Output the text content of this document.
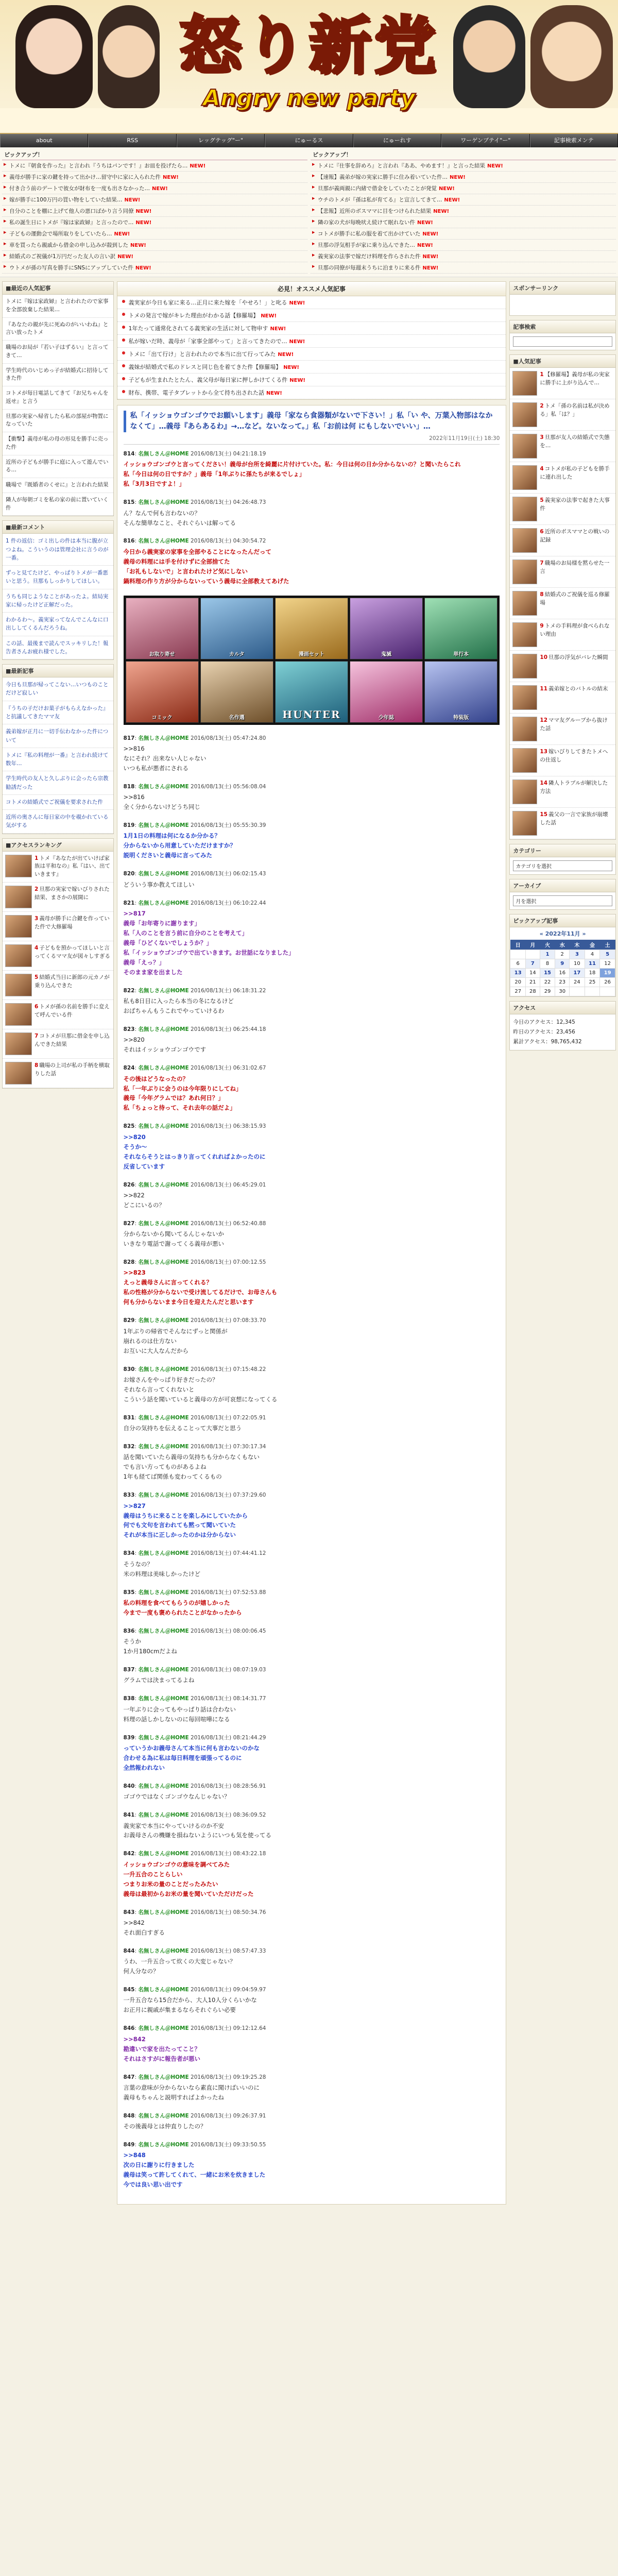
怒り新党
Angry new party
about	RSS	レッグテッグ"ー"	にゅーるス	にゅーれす	ワーゲンブテイ"ー"	記事検索メンテ
ピックアップ！
▶ トメに『朝食を作った』と言われ『うちはパンです！』お皿を投げたら… NEW!
▶ 義母が勝手に家の鍵を持って出かけ…留守中に家に入られた件 NEW!
▶ 付き合う前のデートで彼女が財布を一度も出さなかった… NEW!
▶ 嫁が勝手に100万円の買い物をしていた結果… NEW!
▶ 自分のことを棚に上げて他人の悪口ばかり言う同僚 NEW!
▶ 私の誕生日にトメが『嫁は家政婦』と言ったので… NEW!
▶ 子どもの運動会で場所取りをしていたら… NEW!
▶ 車を買ったら親戚から借金の申し込みが殺到した NEW!
▶ 結婚式のご祝儀が1万円だった友人の言い訳 NEW!
▶ ウトメが孫の写真を勝手にSNSにアップしていた件 NEW!
ピックアップ！
▶ トメに『仕事を辞めろ』と言われ『ああ、やめます！』と言った結果 NEW!
▶ 【速報】義弟が嫁の実家に勝手に住み着いていた件… NEW!
▶ 旦那が義両親に内緒で借金をしていたことが発覚 NEW!
▶ ウチのトメが『孫は私が育てる』と宣言してきて… NEW!
▶ 【悲報】近所のボスママに目をつけられた結果 NEW!
▶ 隣の家の犬が毎晩吠え続けて眠れない件 NEW!
▶ コトメが勝手に私の服を着て出かけていた NEW!
▶ 旦那の浮気相手が家に乗り込んできた… NEW!
▶ 義実家の法事で嫁だけ料理を作らされた件 NEW!
▶ 旦那の同僚が毎週末うちに泊まりに来る件 NEW!
■最近の人気記事
トメに『嫁は家政婦』と言われたので家事を全部放棄した結果…
『あなたの親が先に死ぬのがいいわね』と言い放ったトメ
職場のお局が『若い子はずるい』と言ってきて…
学生時代のいじめっ子が結婚式に招待してきた件
コトメが毎日電話してきて『お兄ちゃんを返せ』と言う
旦那の実家へ帰省したら私の部屋が物置になっていた
【衝撃】義母が私の母の形見を勝手に売った件
近所の子どもが勝手に庭に入って遊んでいる…
職場で『既婚者のくせに』と言われた結果
隣人が毎朝ゴミを私の家の前に置いていく件
■最新コメント
1 件の返信：ゴミ出しの件は本当に腹が立つよね。こういうのは管理会社に言うのが一番。
ずっと見てたけど、やっぱりトメが一番悪いと思う。旦那もしっかりしてほしい。
うちも同じようなことがあったよ。結局実家に帰ったけど正解だった。
わかるわ〜。義実家ってなんでこんなに口出ししてくるんだろうね。
この話、最後まで読んでスッキリした！報告者さんお疲れ様でした。
■最新記事
今日も旦那が帰ってこない…いつものことだけど寂しい
『うちの子だけお菓子がもらえなかった』と抗議してきたママ友
義弟嫁が正月に一切手伝わなかった件について
トメに『私の料理が一番』と言われ続けて数年…
学生時代の友人と久しぶりに会ったら宗教勧誘だった
コトメの結婚式でご祝儀を要求された件
近所の奥さんに毎日家の中を覗かれている気がする
■アクセスランキング
1 トメ『あなたが出ていけば家族は平和なの』私『はい、出ていきます』
2 旦那の実家で嫁いびりされた結果、まさかの展開に
3 義母が勝手に合鍵を作っていた件で大修羅場
4 子どもを預かってほしいと言ってくるママ友が図々しすぎる
5 結婚式当日に新郎の元カノが乗り込んできた
6 トメが孫の名前を勝手に変えて呼んでいる件
7 コトメが旦那に借金を申し込んできた結果
8 職場の上司が私の手柄を横取りした話
必見！オススメ人気記事
義実家が今日も家に来る…正月に来た嫁を「やせろ！」と叱る NEW!
トメの発言で嫁がキレた理由がわかる話【修羅場】 NEW!
1年たって通常化されてる義実家の生活に対して物申す NEW!
私が嫁いだ時、義母が「家事全部やって」と言ってきたので… NEW!
トメに「出て行け」と言われたので本当に出て行ってみた NEW!
義妹が結婚式で私のドレスと同じ色を着てきた件【修羅場】 NEW!
子どもが生まれたとたん、義父母が毎日家に押しかけてくる件 NEW!
財布、携帯、電子タブレットから全て持ち出された話 NEW!
私「イッショウゴンゴウでお願いします」義母「家なら食器類がないで下さい！」私「い や、万葉入物部はなかなくて」…義母『あらあるわ』→…など。ないなって。」私「お前は何 にもしないでいい」…
2022年11月19日(土) 18:30
814: 名無しさん＠HOME 2016/08/13(土) 04:21:18.19
イッショウゴンゴウと言ってください！義母が台所を綺麗に片付けていた。私：今日は何の日か分からないの？と聞いたらこれ
私「今日は何の日ですか？」義母「1年ぶりに孫たちが来るでしょ」
私「3月3日ですよ！」
815: 名無しさん＠HOME 2016/08/13(土) 04:26:48.73
ん？なんで何も言わないの？
そんな簡単なこと、それぐらいは解ってる
816: 名無しさん＠HOME 2016/08/13(土) 04:30:54.72
今日から義実家の家事を全部やることになったんだって
義母の料理には手を付けずに全部捨てた
「お礼もしないで」と言われたけど気にしない
鍋料理の作り方が分からないっていう義母に全部教えてあげた
お取り寄せ	カルタ	漫画セット	鬼滅	単行本
コミック	名作選	HUNTER	少年誌	特装版
817: 名無しさん＠HOME 2016/08/13(土) 05:47:24.80
>>816
なにそれ？出来ない人じゃない
いつも私が悪者にされる
818: 名無しさん＠HOME 2016/08/13(土) 05:56:08.04
>>816
全く分からないけどうち同じ
819: 名無しさん＠HOME 2016/08/13(土) 05:55:30.39
1月1日の料理は何になるか分かる？
分からないから用意していただけますか？
説明くださいと義母に言ってみた
820: 名無しさん＠HOME 2016/08/13(土) 06:02:15.43
どういう事か教えてほしい
821: 名無しさん＠HOME 2016/08/13(土) 06:10:22.44
>>817
義母「お年寄りに謝ります」
私「人のことを言う前に自分のことを考えて」
義母「ひどくないでしょうか？」
私「イッショウゴンゴウで出ていきます。お世話になりました」
義母「えっ？」
そのまま家を出ました
822: 名無しさん＠HOME 2016/08/13(土) 06:18:31.22
私も8日目に入ったら本当の冬になるけど
おばちゃんもうこれでやっていけるわ
823: 名無しさん＠HOME 2016/08/13(土) 06:25:44.18
>>820
それはイッショウゴンゴウです
824: 名無しさん＠HOME 2016/08/13(土) 06:31:02.67
その後はどうなったの？
私「一年ぶりに会うのは今年限りにしてね」
義母「今年グラムでは？あれ何日？」
私「ちょっと待って、それ去年の話だよ」
825: 名無しさん＠HOME 2016/08/13(土) 06:38:15.93
>>820
そうか〜
それならそうとはっきり言ってくれればよかったのに
反省しています
826: 名無しさん＠HOME 2016/08/13(土) 06:45:29.01
>>822
どこにいるの？
827: 名無しさん＠HOME 2016/08/13(土) 06:52:40.88
分からないから聞いてるんじゃないか
いきなり電話で謝ってくる義母が悪い
828: 名無しさん＠HOME 2016/08/13(土) 07:00:12.55
>>823
えっと義母さんに言ってくれる？
私の性格が分からないで受け流してるだけで、お母さんも
何も分からないまま今日を迎えたんだと思います
829: 名無しさん＠HOME 2016/08/13(土) 07:08:33.70
1年ぶりの帰省でそんなにずっと関係が
崩れるのは仕方ない
お互いに大人なんだから
830: 名無しさん＠HOME 2016/08/13(土) 07:15:48.22
お嫁さんをやっぱり好きだったの？
それなら言ってくれないと
こういう話を聞いていると義母の方が可哀想になってくる
831: 名無しさん＠HOME 2016/08/13(土) 07:22:05.91
自分の気持ちを伝えることって大事だと思う
832: 名無しさん＠HOME 2016/08/13(土) 07:30:17.34
話を聞いていたら義母の気持ちも分からなくもない
でも言い方ってものがあるよね
1年も経てば関係も変わってくるもの
833: 名無しさん＠HOME 2016/08/13(土) 07:37:29.60
>>827
義母はうちに来ることを楽しみにしていたから
何でも文句を言われても黙って聞いていた
それが本当に正しかったのかは分からない
834: 名無しさん＠HOME 2016/08/13(土) 07:44:41.12
そうなの？
米の料理は美味しかったけど
835: 名無しさん＠HOME 2016/08/13(土) 07:52:53.88
私の料理を食べてもらうのが嬉しかった
今まで一度も褒められたことがなかったから
836: 名無しさん＠HOME 2016/08/13(土) 08:00:06.45
そうか
1か月180cmだよね
837: 名無しさん＠HOME 2016/08/13(土) 08:07:19.03
グラムでは決まってるよね
838: 名無しさん＠HOME 2016/08/13(土) 08:14:31.77
一年ぶりに会ってもやっぱり話は合わない
料理の話しかしないのに毎回喧嘩になる
839: 名無しさん＠HOME 2016/08/13(土) 08:21:44.29
っていうかお義母さんて本当に何も言わないのかな
合わせる為に私は毎日料理を頑張ってるのに
全然報われない
840: 名無しさん＠HOME 2016/08/13(土) 08:28:56.91
ゴゴウではなくゴンゴウなんじゃない？
841: 名無しさん＠HOME 2016/08/13(土) 08:36:09.52
義実家で本当にやっていけるのか不安
お義母さんの機嫌を損ねないようにいつも気を使ってる
842: 名無しさん＠HOME 2016/08/13(土) 08:43:22.18
イッショウゴンゴウの意味を調べてみた
一升五合のことらしい
つまりお米の量のことだったみたい
義母は最初からお米の量を聞いていただけだった
843: 名無しさん＠HOME 2016/08/13(土) 08:50:34.76
>>842
それ面白すぎる
844: 名無しさん＠HOME 2016/08/13(土) 08:57:47.33
うわ、一升五合って炊くの大変じゃない？
何人分なの？
845: 名無しさん＠HOME 2016/08/13(土) 09:04:59.97
一升五合なら15合だから、大人10人分くらいかな
お正月に親戚が集まるならそれぐらい必要
846: 名無しさん＠HOME 2016/08/13(土) 09:12:12.64
>>842
勘違いで家を出たってこと？
それはさすがに報告者が悪い
847: 名無しさん＠HOME 2016/08/13(土) 09:19:25.28
言葉の意味が分からないなら素直に聞けばいいのに
義母もちゃんと説明すればよかったね
848: 名無しさん＠HOME 2016/08/13(土) 09:26:37.91
その後義母とは仲直りしたの？
849: 名無しさん＠HOME 2016/08/13(土) 09:33:50.55
>>848
次の日に謝りに行きました
義母は笑って許してくれて、一緒にお米を炊きました
今では良い思い出です
スポンサーリンク
記事検索
■人気記事
1 【修羅場】義母が私の実家に勝手に上がり込んで…
2 トメ「孫の名前は私が決める」私「は？」
3 旦那が友人の結婚式で失態を…
4 コトメが私の子どもを勝手に連れ出した
5 義実家の法事で起きた大事件
6 近所のボスママとの戦いの記録
7 職場のお局様を黙らせた一言
8 結婚式のご祝儀を巡る修羅場
9 トメの手料理が食べられない理由
10 旦那の浮気がバレた瞬間
11 義弟嫁とのバトルの結末
12 ママ友グループから抜けた話
13 嫁いびりしてきたトメへの仕返し
14 隣人トラブルが解決した方法
15 義父の一言で家族が崩壊した話
カテゴリー
カテゴリを選択
アーカイブ
月を選択
ピックアップ記事
« 2022年11月 »
日	月	火	水	木	金	土
		1	2	3	4	5
6	7	8	9	10	11	12
13	14	15	16	17	18	19
20	21	22	23	24	25	26
27	28	29	30			
アクセス
今日のアクセス：12,345
昨日のアクセス：23,456
累計アクセス：98,765,432
